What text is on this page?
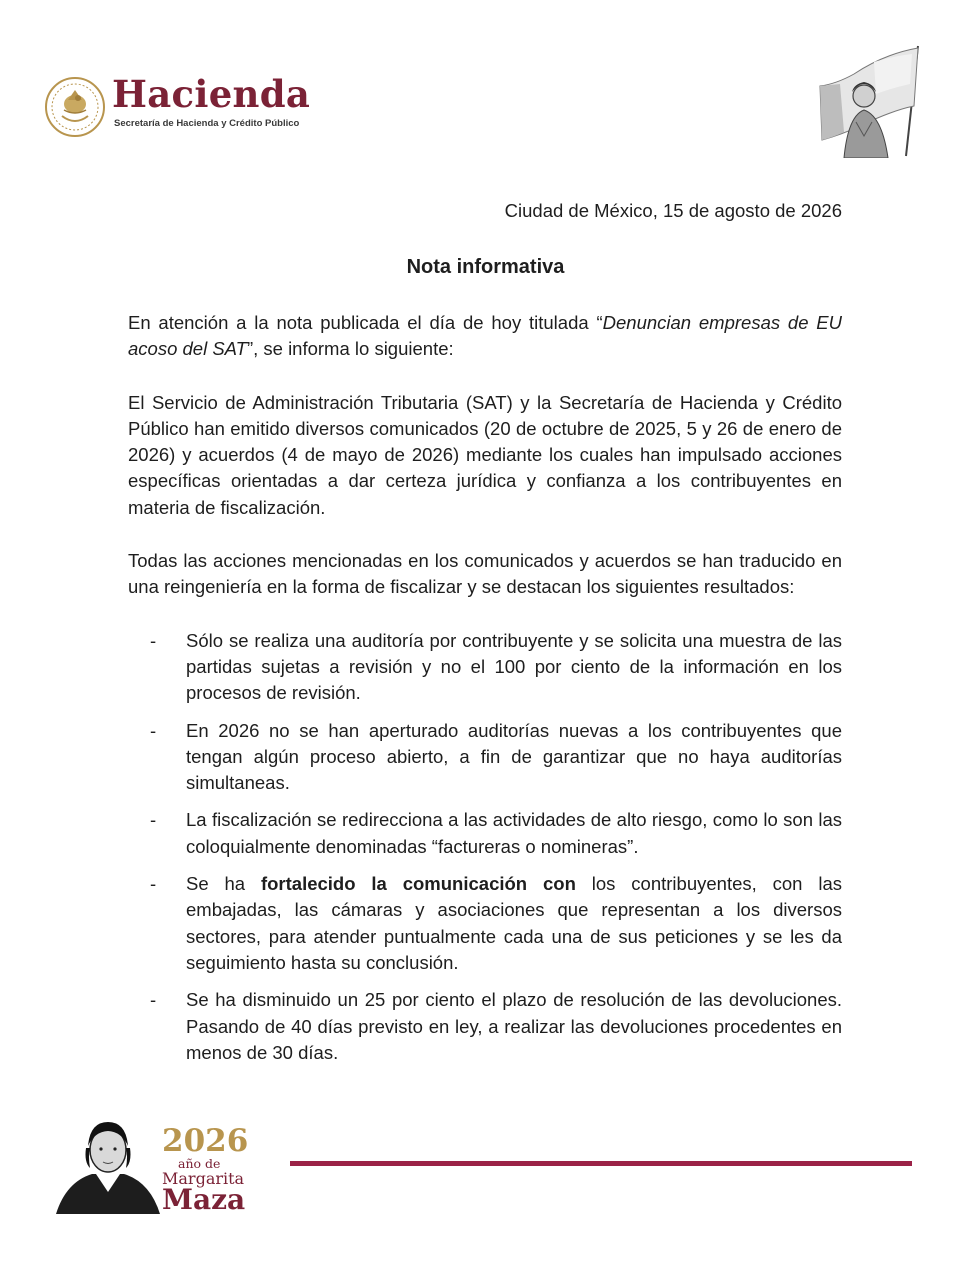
Hacienda
Secretaría de Hacienda y Crédito Público
Ciudad de México, 15 de agosto de 2026
Nota informativa

En atención a la nota publicada el día de hoy titulada “Denuncian empresas de EU acoso del SAT”, se informa lo siguiente:

El Servicio de Administración Tributaria (SAT) y la Secretaría de Hacienda y Crédito Público han emitido diversos comunicados (20 de octubre de 2025, 5 y 26 de enero de 2026) y acuerdos (4 de mayo de 2026) mediante los cuales han impulsado acciones específicas orientadas a dar certeza jurídica y confianza a los contribuyentes en materia de fiscalización.

Todas las acciones mencionadas en los comunicados y acuerdos se han traducido en una reingeniería en la forma de fiscalizar y se destacan los siguientes resultados:

- Sólo se realiza una auditoría por contribuyente y se solicita una muestra de las partidas sujetas a revisión y no el 100 por ciento de la información en los procesos de revisión.
- En 2026 no se han aperturado auditorías nuevas a los contribuyentes que tengan algún proceso abierto, a fin de garantizar que no haya auditorías simultaneas.
- La fiscalización se redirecciona a las actividades de alto riesgo, como lo son las coloquialmente denominadas “factureras o nomineras”.
- Se ha fortalecido la comunicación con los contribuyentes, con las embajadas, las cámaras y asociaciones que representan a los diversos sectores, para atender puntualmente cada una de sus peticiones y se les da seguimiento hasta su conclusión.
- Se ha disminuido un 25 por ciento el plazo de resolución de las devoluciones. Pasando de 40 días previsto en ley, a realizar las devoluciones procedentes en menos de 30 días.
2026
año de
Margarita
Maza
